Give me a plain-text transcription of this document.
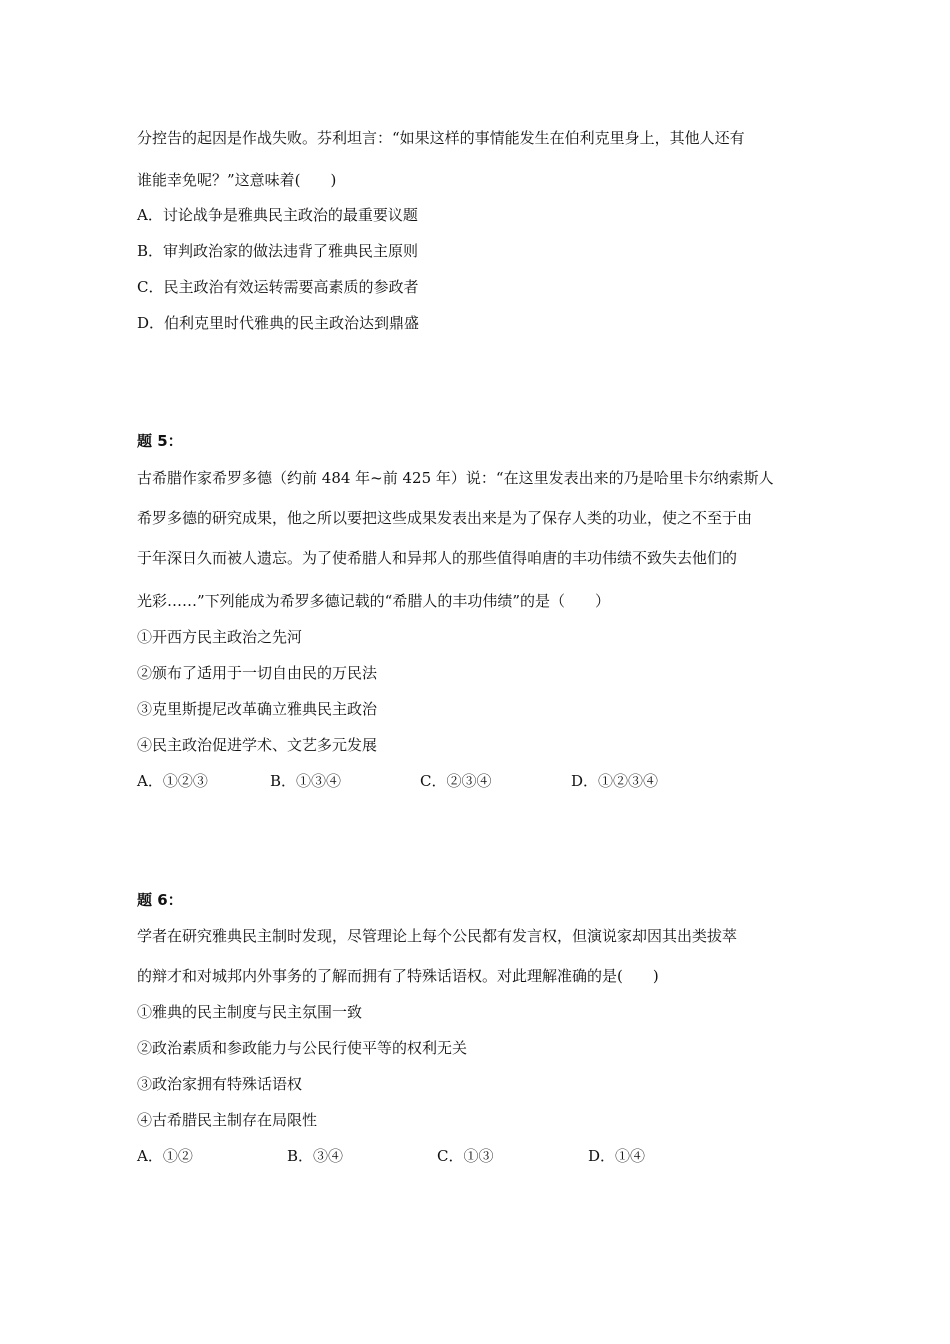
分控告的起因是作战失败。芬利坦言：“如果这样的事情能发生在伯利克里身上，其他人还有
谁能幸免呢？”这意味着(　　)
A．讨论战争是雅典民主政治的最重要议题
B．审判政治家的做法违背了雅典民主原则
C．民主政治有效运转需要高素质的参政者
D．伯利克里时代雅典的民主政治达到鼎盛
题 5：
古希腊作家希罗多德（约前 484 年~前 425 年）说：“在这里发表出来的乃是哈里卡尔纳索斯人
希罗多德的研究成果，他之所以要把这些成果发表出来是为了保存人类的功业，使之不至于由
于年深日久而被人遗忘。为了使希腊人和异邦人的那些值得咱唐的丰功伟绩不致失去他们的
光彩……”下列能成为希罗多德记载的“希腊人的丰功伟绩”的是（　　）
①开西方民主政治之先河
②颁布了适用于一切自由民的万民法
③克里斯提尼改革确立雅典民主政治
④民主政治促进学术、文艺多元发展
A．①②③	B．①③④	C．②③④	D．①②③④
题 6：
学者在研究雅典民主制时发现，尽管理论上每个公民都有发言权，但演说家却因其出类拔萃
的辩才和对城邦内外事务的了解而拥有了特殊话语权。对此理解准确的是(　　)
①雅典的民主制度与民主氛围一致
②政治素质和参政能力与公民行使平等的权利无关
③政治家拥有特殊话语权
④古希腊民主制存在局限性
A．①②	B．③④	C．①③	D．①④
